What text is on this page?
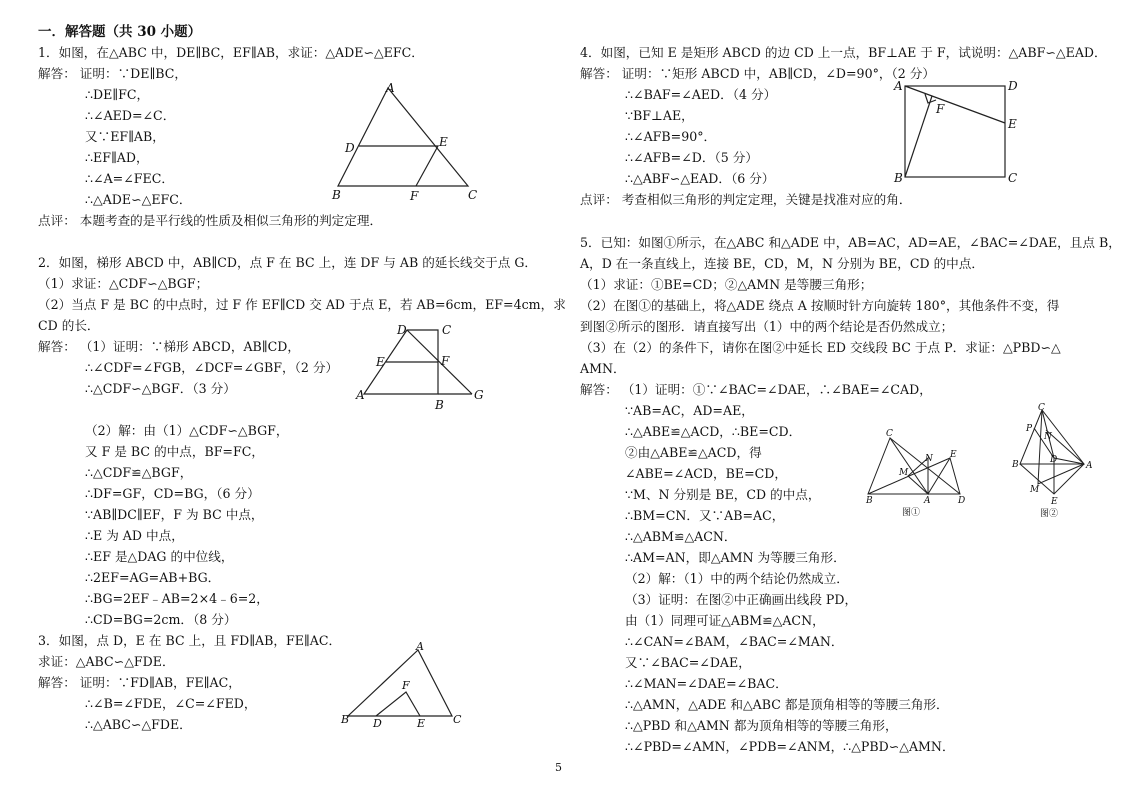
一．解答题（共 30 小题）
1．如图，在△ABC 中，DE∥BC，EF∥AB，求证：△ADE∽△EFC．
解答： 证明：∵DE∥BC，
∴DE∥FC，
∴∠AED=∠C．
又∵EF∥AB，
∴EF∥AD，
∴∠A=∠FEC．
∴△ADE∽△EFC．
点评： 本题考查的是平行线的性质及相似三角形的判定定理．
A
D	E
B	F	C
2．如图，梯形 ABCD 中，AB∥CD，点 F 在 BC 上，连 DF 与 AB 的延长线交于点 G．
（1）求证：△CDF∽△BGF；
（2）当点 F 是 BC 的中点时，过 F 作 EF∥CD 交 AD 于点 E，若 AB=6cm，EF=4cm，求
CD 的长．
解答： （1）证明：∵梯形 ABCD，AB∥CD，
∴∠CDF=∠FGB，∠DCF=∠GBF，（2 分）
∴△CDF∽△BGF．（3 分）
（2）解：由（1）△CDF∽△BGF，
又 F 是 BC 的中点，BF=FC，
∴△CDF≌△BGF，
∴DF=GF，CD=BG，（6 分）
∵AB∥DC∥EF，F 为 BC 中点，
∴E 为 AD 中点，
∴EF 是△DAG 的中位线，
∴2EF=AG=AB+BG．
∴BG=2EF﹣AB=2×4﹣6=2，
∴CD=BG=2cm．（8 分）
D	C
E	F
A
B
G
3．如图，点 D，E 在 BC 上，且 FD∥AB，FE∥AC．
求证：△ABC∽△FDE．
解答： 证明：∵FD∥AB，FE∥AC，
∴∠B=∠FDE，∠C=∠FED，
∴△ABC∽△FDE．
A
F
B D	E	C
4．如图，已知 E 是矩形 ABCD 的边 CD 上一点，BF⊥AE 于 F，试说明：△ABF∽△EAD．
解答： 证明：∵矩形 ABCD 中，AB∥CD，∠D=90°，（2 分）
∴∠BAF=∠AED．（4 分）
∵BF⊥AE，
∴∠AFB=90°．
∴∠AFB=∠D．（5 分）
∴△ABF∽△EAD．（6 分）
点评： 考查相似三角形的判定定理，关键是找准对应的角．
A	D
F
E
B	C
5．已知：如图①所示，在△ABC 和△ADE 中，AB=AC，AD=AE，∠BAC=∠DAE，且点 B，
A，D 在一条直线上，连接 BE，CD，M，N 分别为 BE，CD 的中点．
（1）求证：①BE=CD；②△AMN 是等腰三角形；
（2）在图①的基础上，将△ADE 绕点 A 按顺时针方向旋转 180°，其他条件不变，得
到图②所示的图形．请直接写出（1）中的两个结论是否仍然成立；
（3）在（2）的条件下，请你在图②中延长 ED 交线段 BC 于点 P．求证：△PBD∽△
AMN．
解答： （1）证明：①∵∠BAC=∠DAE，∴∠BAE=∠CAD，
∵AB=AC，AD=AE，
∴△ABE≌△ACD，∴BE=CD．
②由△ABE≌△ACD，得
∠ABE=∠ACD，BE=CD，
∵M、N 分别是 BE，CD 的中点，
∴BM=CN．又∵AB=AC，
∴△ABM≌△ACN．
∴AM=AN，即△AMN 为等腰三角形．
（2）解：（1）中的两个结论仍然成立．
（3）证明：在图②中正确画出线段 PD，
由（1）同理可证△ABM≌△ACN，
∴∠CAN=∠BAM，∠BAC=∠MAN．
又∵∠BAC=∠DAE，
∴∠MAN=∠DAE=∠BAC．
∴△AMN，△ADE 和△ABC 都是顶角相等的等腰三角形．
∴△PBD 和△AMN 都为顶角相等的等腰三角形，
∴∠PBD=∠AMN，∠PDB=∠ANM，∴△PBD∽△AMN．
C
M
N E
B	A	D
图①
C
P
N
D
B	A
M
E
图②
5
